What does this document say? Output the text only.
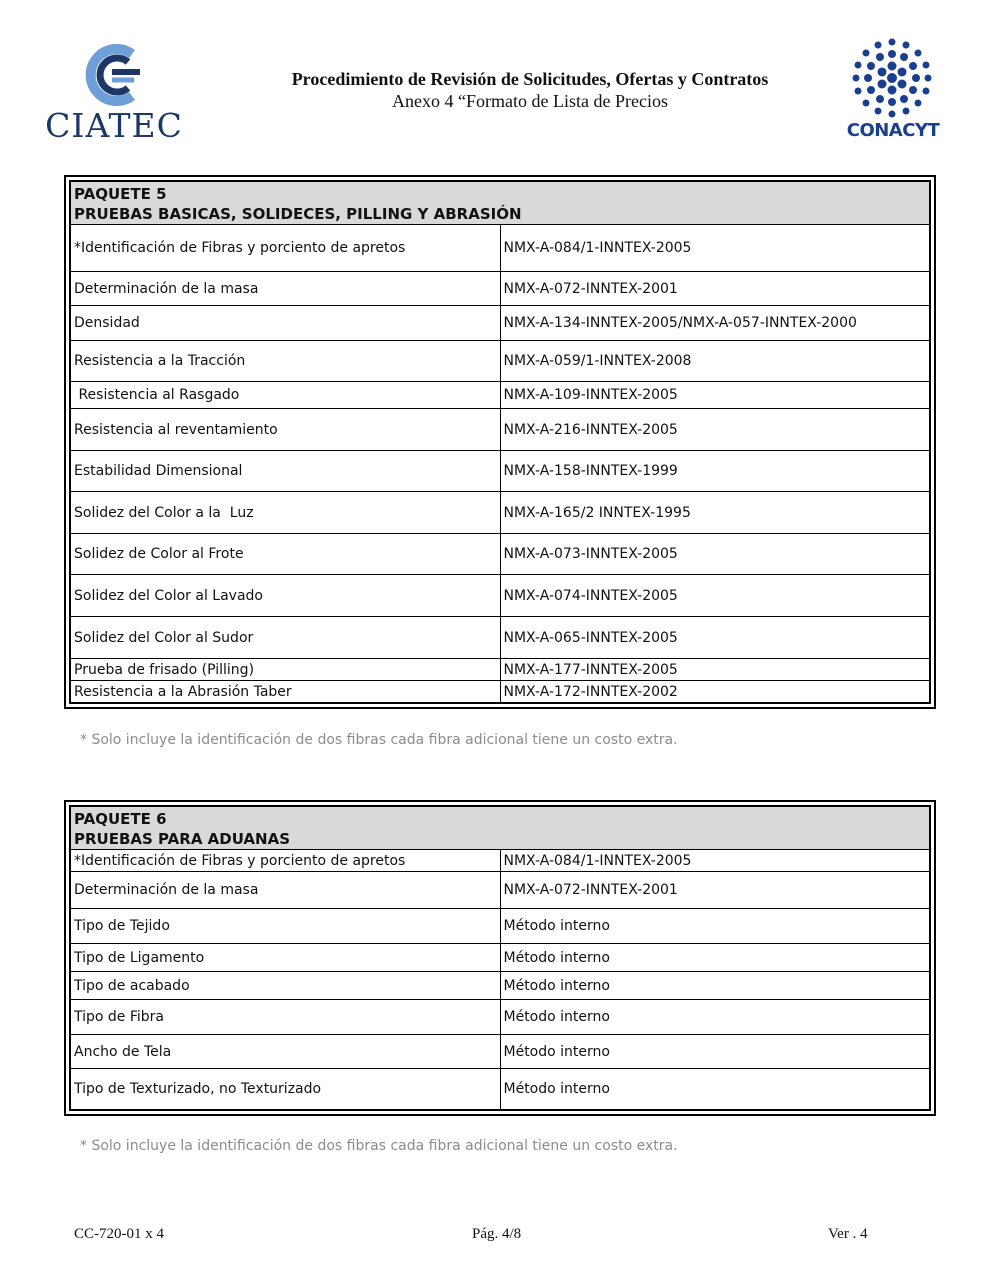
CIATEC
Procedimiento de Revisión de Solicitudes, Ofertas y Contratos
Anexo 4 “Formato de Lista de Precios
CONACYT
PAQUETE 5
PRUEBAS BASICAS, SOLIDECES, PILLING Y ABRASIÓN	

*Identificación de Fibras y porciento de apretos	NMX-A-084/1-INNTEX-2005
Determinación de la masa	NMX-A-072-INNTEX-2001
Densidad	NMX-A-134-INNTEX-2005/NMX-A-057-INNTEX-2000
Resistencia a la Tracción	NMX-A-059/1-INNTEX-2008
Resistencia al Rasgado	NMX-A-109-INNTEX-2005
Resistencia al reventamiento	NMX-A-216-INNTEX-2005
Estabilidad Dimensional	NMX-A-158-INNTEX-1999
Solidez del Color a la  Luz	NMX-A-165/2 INNTEX-1995
Solidez de Color al Frote	NMX-A-073-INNTEX-2005
Solidez del Color al Lavado	NMX-A-074-INNTEX-2005
Solidez del Color al Sudor	NMX-A-065-INNTEX-2005
Prueba de frisado (Pilling)	NMX-A-177-INNTEX-2005
Resistencia a la Abrasión Taber	NMX-A-172-INNTEX-2002
* Solo incluye la identificación de dos fibras cada fibra adicional tiene un costo extra.
PAQUETE 6
PRUEBAS PARA ADUANAS	

*Identificación de Fibras y porciento de apretos	NMX-A-084/1-INNTEX-2005
Determinación de la masa	NMX-A-072-INNTEX-2001
Tipo de Tejido	Método interno
Tipo de Ligamento	Método interno
Tipo de acabado	Método interno
Tipo de Fibra	Método interno
Ancho de Tela	Método interno
Tipo de Texturizado, no Texturizado	Método interno
* Solo incluye la identificación de dos fibras cada fibra adicional tiene un costo extra.
CC-720-01 x 4	Pág. 4/8	Ver . 4
